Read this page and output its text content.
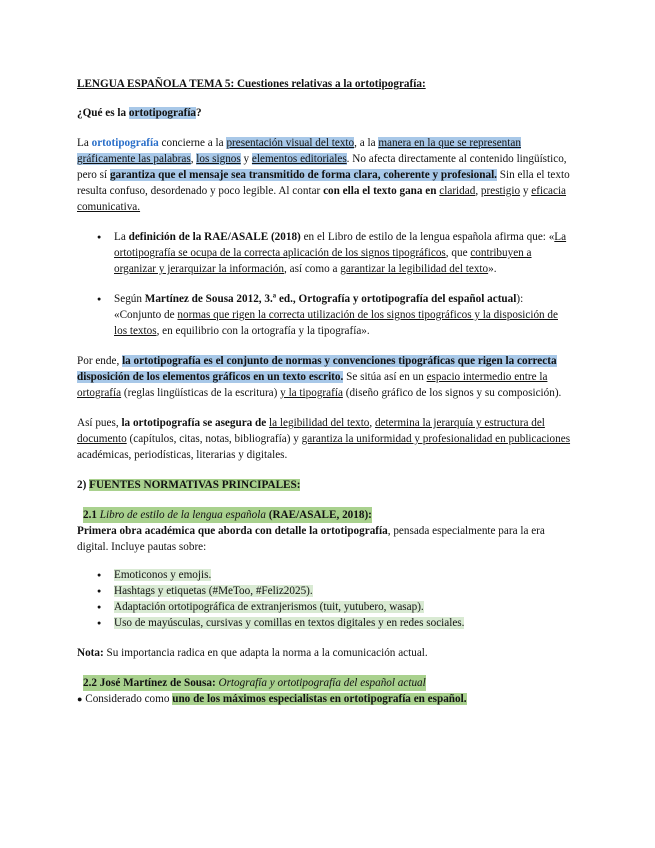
LENGUA ESPAÑOLA TEMA 5: Cuestiones relativas a la ortotipografía:

¿Qué es la ortotipografía?

La ortotipografía concierne a la presentación visual del texto, a la manera en la que se representan gráficamente las palabras, los signos y elementos editoriales. No afecta directamente al contenido lingüístico, pero sí garantiza que el mensaje sea transmitido de forma clara, coherente y profesional. Sin ella el texto resulta confuso, desordenado y poco legible. Al contar con ella el texto gana en claridad, prestigio y eficacia comunicativa.

● La definición de la RAE/ASALE (2018) en el Libro de estilo de la lengua española afirma que: «La ortotipografía se ocupa de la correcta aplicación de los signos tipográficos, que contribuyen a organizar y jerarquizar la información, así como a garantizar la legibilidad del texto».
● Según Martínez de Sousa 2012, 3.ª ed., Ortografía y ortotipografía del español actual): «Conjunto de normas que rigen la correcta utilización de los signos tipográficos y la disposición de los textos, en equilibrio con la ortografía y la tipografía».

Por ende, la ortotipografía es el conjunto de normas y convenciones tipográficas que rigen la correcta disposición de los elementos gráficos en un texto escrito. Se sitúa así en un espacio intermedio entre la ortografía (reglas lingüísticas de la escritura) y la tipografía (diseño gráfico de los signos y su composición).

Así pues, la ortotipografía se asegura de la legibilidad del texto, determina la jerarquía y estructura del documento (capítulos, citas, notas, bibliografía) y garantiza la uniformidad y profesionalidad en publicaciones académicas, periodísticas, literarias y digitales.

2) FUENTES NORMATIVAS PRINCIPALES:

2.1 Libro de estilo de la lengua española (RAE/ASALE, 2018):

Primera obra académica que aborda con detalle la ortotipografía, pensada especialmente para la era digital. Incluye pautas sobre:

● Emoticonos y emojis.
● Hashtags y etiquetas (#MeToo, #Feliz2025).
● Adaptación ortotipográfica de extranjerismos (tuit, yutubero, wasap).
● Uso de mayúsculas, cursivas y comillas en textos digitales y en redes sociales.

Nota: Su importancia radica en que adapta la norma a la comunicación actual.

2.2 José Martínez de Sousa: Ortografía y ortotipografía del español actual

● Considerado como uno de los máximos especialistas en ortotipografía en español.
